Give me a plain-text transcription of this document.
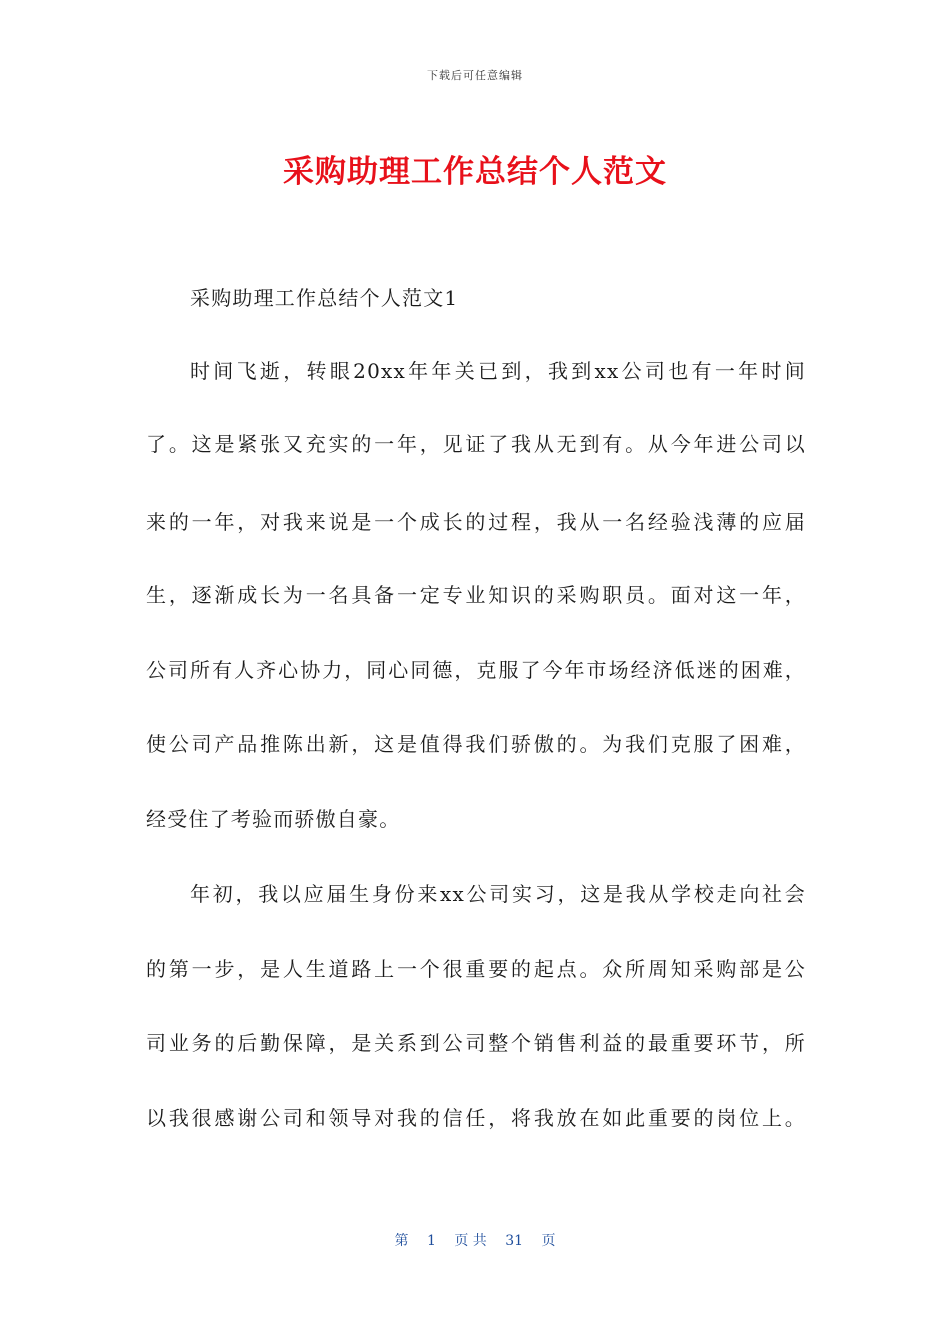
下载后可任意编辑
采购助理工作总结个人范文
采购助理工作总结个人范文1
时间飞逝，转眼20xx年年关已到，我到xx公司也有一年时间
了。这是紧张又充实的一年，见证了我从无到有。从今年进公司以
来的一年，对我来说是一个成长的过程，我从一名经验浅薄的应届
生，逐渐成长为一名具备一定专业知识的采购职员。面对这一年，
公司所有人齐心协力，同心同德，克服了今年市场经济低迷的困难，
使公司产品推陈出新，这是值得我们骄傲的。为我们克服了困难，
经受住了考验而骄傲自豪。
年初，我以应届生身份来xx公司实习，这是我从学校走向社会
的第一步，是人生道路上一个很重要的起点。众所周知采购部是公
司业务的后勤保障，是关系到公司整个销售利益的最重要环节，所
以我很感谢公司和领导对我的信任，将我放在如此重要的岗位上。
第 1 页 共 31 页
